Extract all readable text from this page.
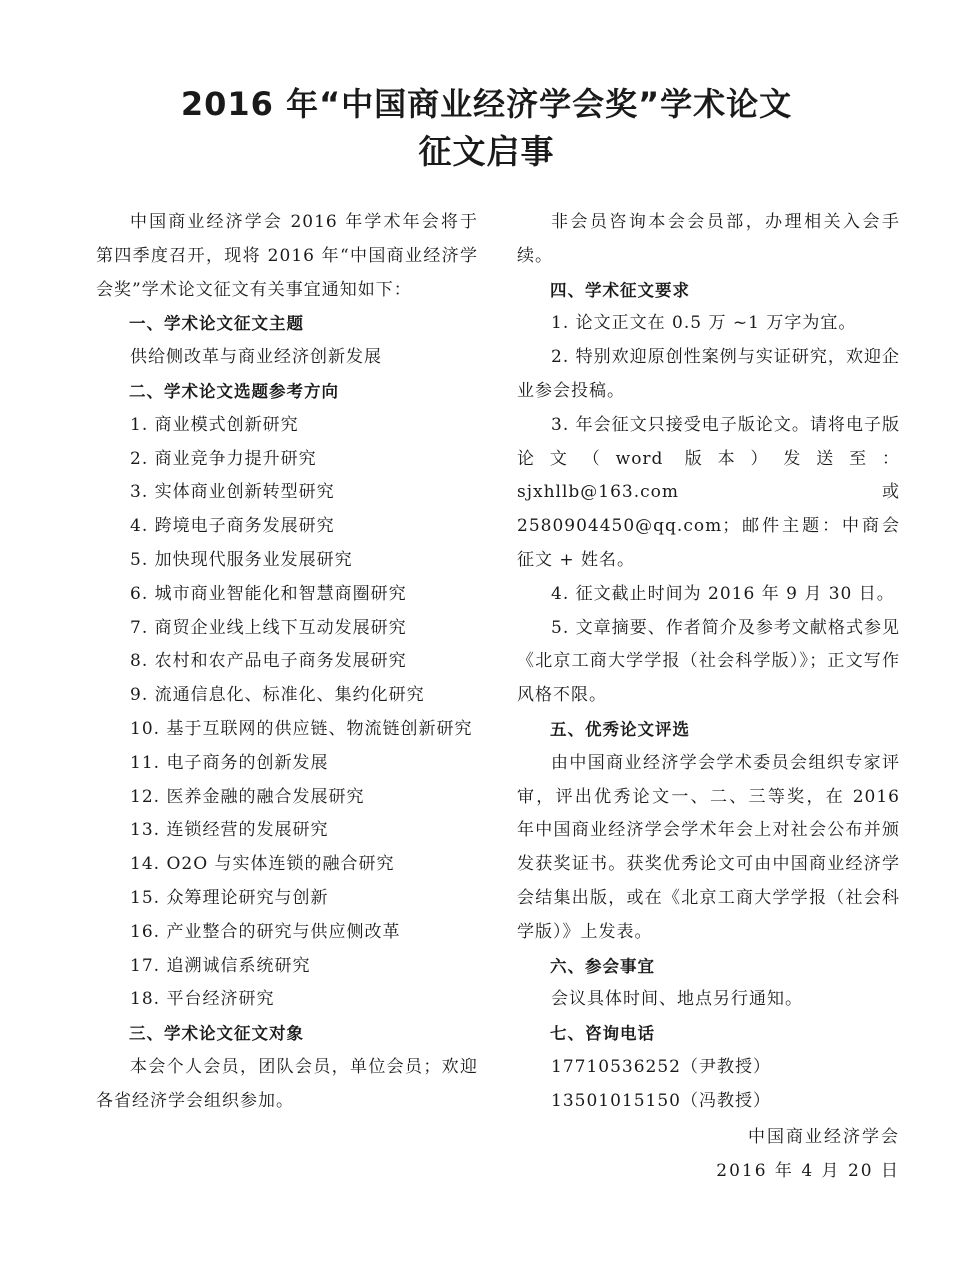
2016 年“中国商业经济学会奖”学术论文
征文启事

中国商业经济学会 2016 年学术年会将于第四季度召开，现将 2016 年“中国商业经济学会奖”学术论文征文有关事宜通知如下：

一、学术论文征文主题

供给侧改革与商业经济创新发展

二、学术论文选题参考方向

1. 商业模式创新研究

2. 商业竞争力提升研究

3. 实体商业创新转型研究

4. 跨境电子商务发展研究

5. 加快现代服务业发展研究

6. 城市商业智能化和智慧商圈研究

7. 商贸企业线上线下互动发展研究

8. 农村和农产品电子商务发展研究

9. 流通信息化、标准化、集约化研究

10. 基于互联网的供应链、物流链创新研究

11. 电子商务的创新发展

12. 医养金融的融合发展研究

13. 连锁经营的发展研究

14. O2O 与实体连锁的融合研究

15. 众筹理论研究与创新

16. 产业整合的研究与供应侧改革

17. 追溯诚信系统研究

18. 平台经济研究

三、学术论文征文对象

本会个人会员，团队会员，单位会员；欢迎各省经济学会组织参加。

非会员咨询本会会员部，办理相关入会手续。

四、学术征文要求

1. 论文正文在 0.5 万 ~1 万字为宜。

2. 特别欢迎原创性案例与实证研究，欢迎企业参会投稿。

3. 年会征文只接受电子版论文。请将电子版论文（word 版本）发送至：sjxhllb@163.com 或 2580904450@qq.com；邮件主题：中商会征文 + 姓名。

4. 征文截止时间为 2016 年 9 月 30 日。

5. 文章摘要、作者简介及参考文献格式参见《北京工商大学学报（社会科学版）》；正文写作风格不限。

五、优秀论文评选

由中国商业经济学会学术委员会组织专家评审，评出优秀论文一、二、三等奖，在 2016 年中国商业经济学会学术年会上对社会公布并颁发获奖证书。获奖优秀论文可由中国商业经济学会结集出版，或在《北京工商大学学报（社会科学版）》上发表。

六、参会事宜

会议具体时间、地点另行通知。

七、咨询电话

17710536252（尹教授）

13501015150（冯教授）

中国商业经济学会
2016 年 4 月 20 日
